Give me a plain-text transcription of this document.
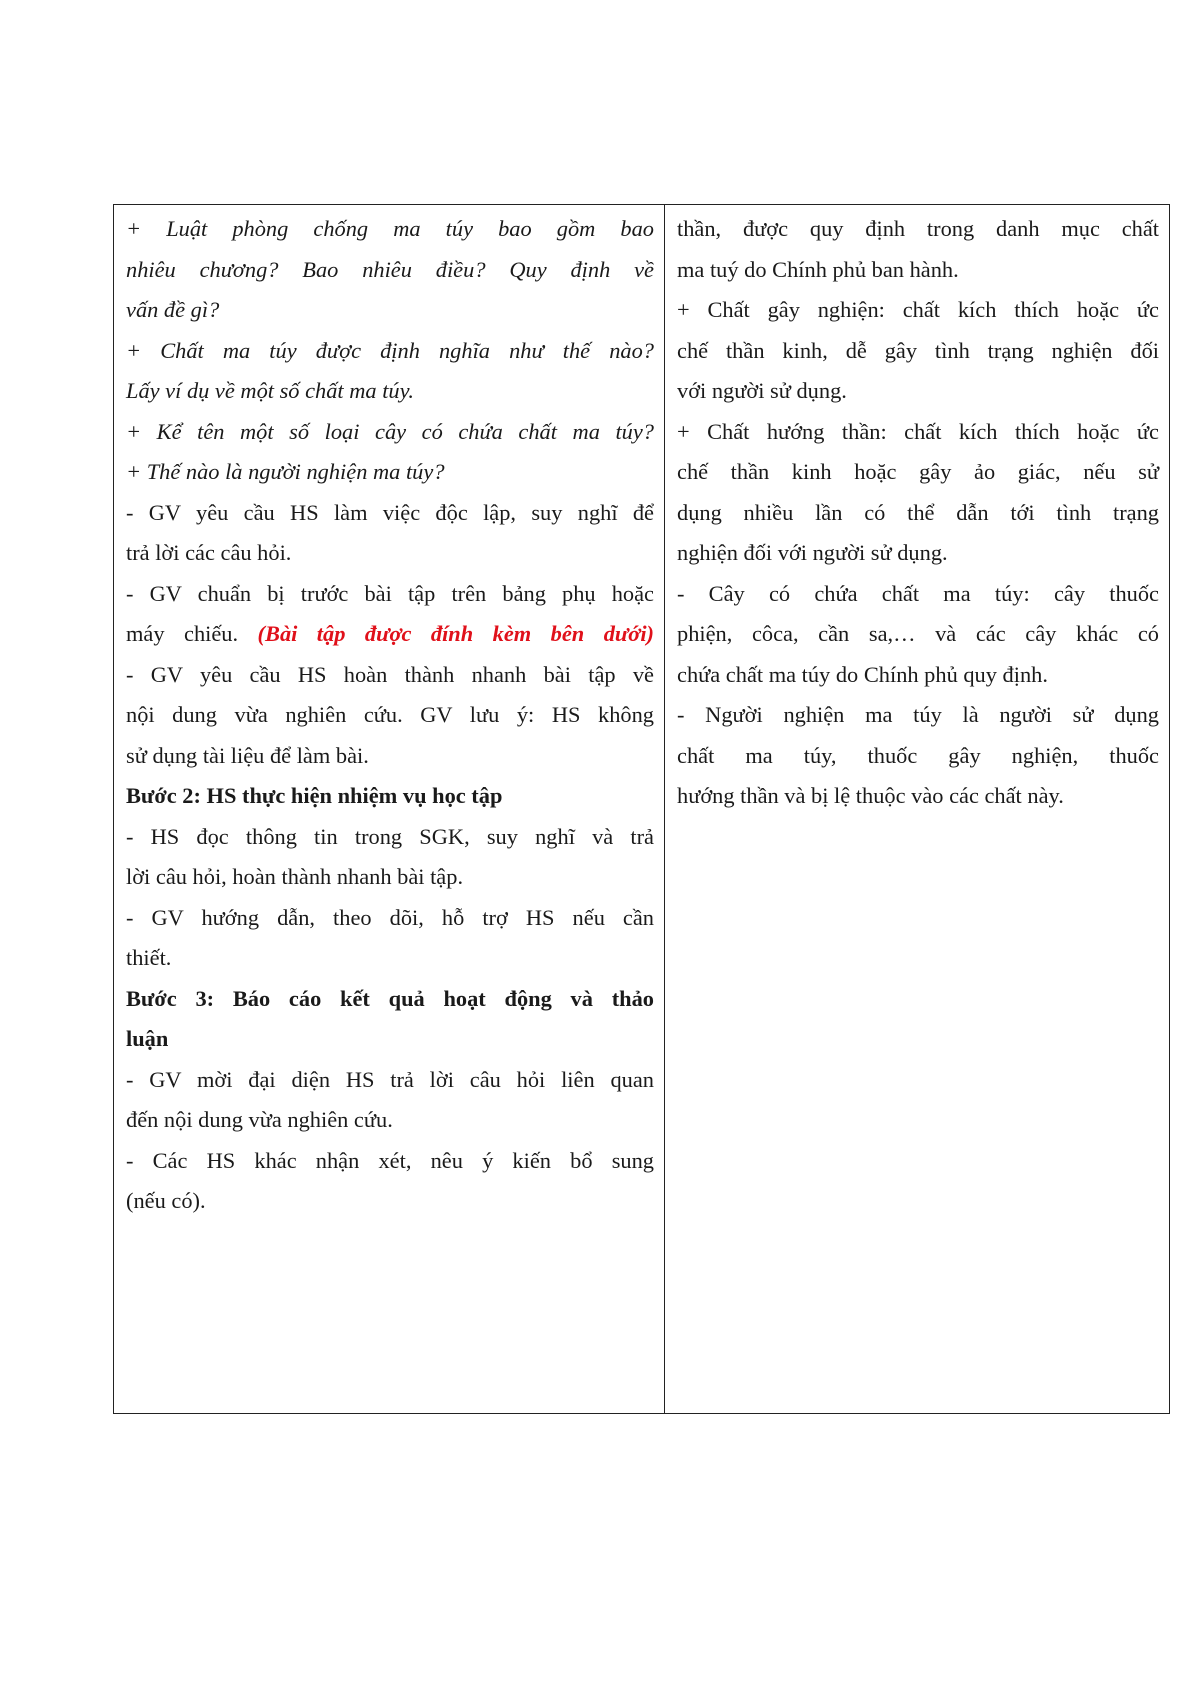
+ Luật phòng chống ma túy bao gồm bao
nhiêu chương? Bao nhiêu điều? Quy định về
vấn đề gì?
+ Chất ma túy được định nghĩa như thế nào?
Lấy ví dụ về một số chất ma túy.
+ Kể tên một số loại cây có chứa chất ma túy?
+ Thế nào là người nghiện ma túy?
- GV yêu cầu HS làm việc độc lập, suy nghĩ để
trả lời các câu hỏi.
- GV chuẩn bị trước bài tập trên bảng phụ hoặc
máy chiếu. (Bài tập được đính kèm bên dưới)
- GV yêu cầu HS hoàn thành nhanh bài tập về
nội dung vừa nghiên cứu. GV lưu ý: HS không
sử dụng tài liệu để làm bài.
Bước 2: HS thực hiện nhiệm vụ học tập
- HS đọc thông tin trong SGK, suy nghĩ và trả
lời câu hỏi, hoàn thành nhanh bài tập.
- GV hướng dẫn, theo dõi, hỗ trợ HS nếu cần
thiết.
Bước 3: Báo cáo kết quả hoạt động và thảo
luận
- GV mời đại diện HS trả lời câu hỏi liên quan
đến nội dung vừa nghiên cứu.
- Các HS khác nhận xét, nêu ý kiến bổ sung
(nếu có).

thần, được quy định trong danh mục chất
ma tuý do Chính phủ ban hành.
+ Chất gây nghiện: chất kích thích hoặc ức
chế thần kinh, dễ gây tình trạng nghiện đối
với người sử dụng.
+ Chất hướng thần: chất kích thích hoặc ức
chế thần kinh hoặc gây ảo giác, nếu sử
dụng nhiều lần có thể dẫn tới tình trạng
nghiện đối với người sử dụng.
- Cây có chứa chất ma túy: cây thuốc
phiện, côca, cần sa,… và các cây khác có
chứa chất ma túy do Chính phủ quy định.
- Người nghiện ma túy là người sử dụng
chất ma túy, thuốc gây nghiện, thuốc
hướng thần và bị lệ thuộc vào các chất này.
